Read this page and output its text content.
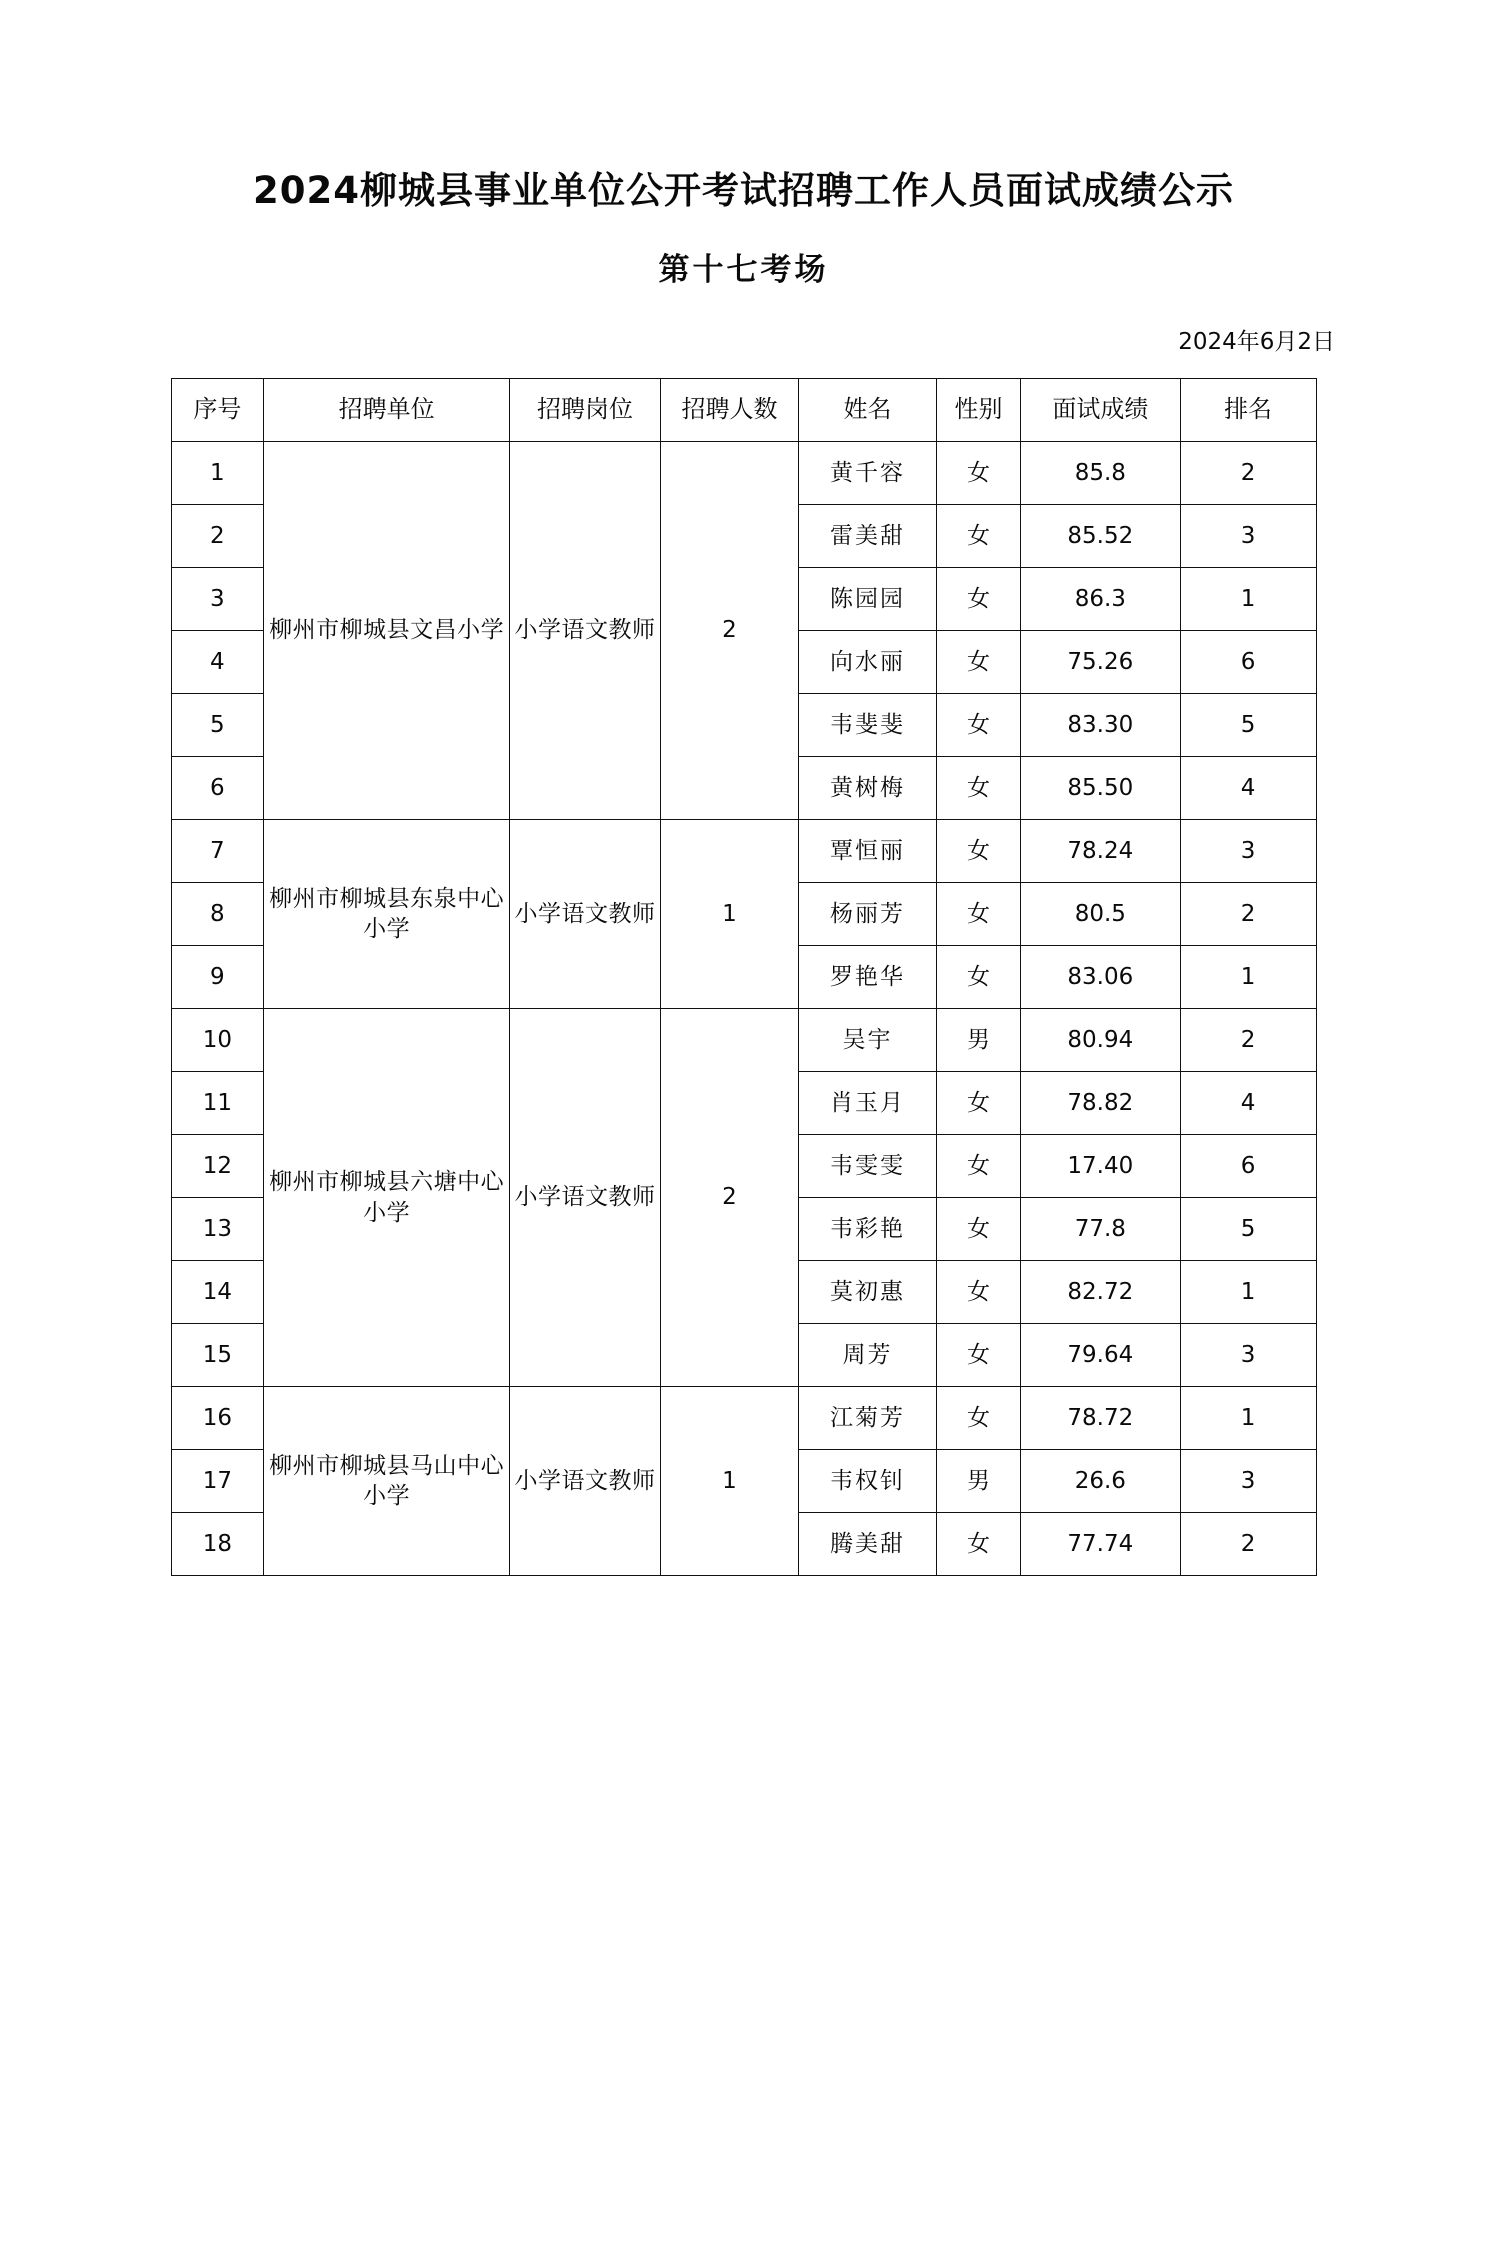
2024柳城县事业单位公开考试招聘工作人员面试成绩公示
第十七考场
2024年6月2日
序号	招聘单位	招聘岗位	招聘人数	姓名	性别	面试成绩	排名
1	柳州市柳城县文昌小学	小学语文教师	2	黄千容	女	85.8	2
2				雷美甜	女	85.52	3
3				陈园园	女	86.3	1
4				向水丽	女	75.26	6
5				韦斐斐	女	83.30	5
6				黄树梅	女	85.50	4
7	柳州市柳城县东泉中心小学	小学语文教师	1	覃恒丽	女	78.24	3
8				杨丽芳	女	80.5	2
9				罗艳华	女	83.06	1
10	柳州市柳城县六塘中心小学	小学语文教师	2	吴宇	男	80.94	2
11				肖玉月	女	78.82	4
12				韦雯雯	女	17.40	6
13				韦彩艳	女	77.8	5
14				莫初惠	女	82.72	1
15				周芳	女	79.64	3
16	柳州市柳城县马山中心小学	小学语文教师	1	江菊芳	女	78.72	1
17				韦权钊	男	26.6	3
18				腾美甜	女	77.74	2
